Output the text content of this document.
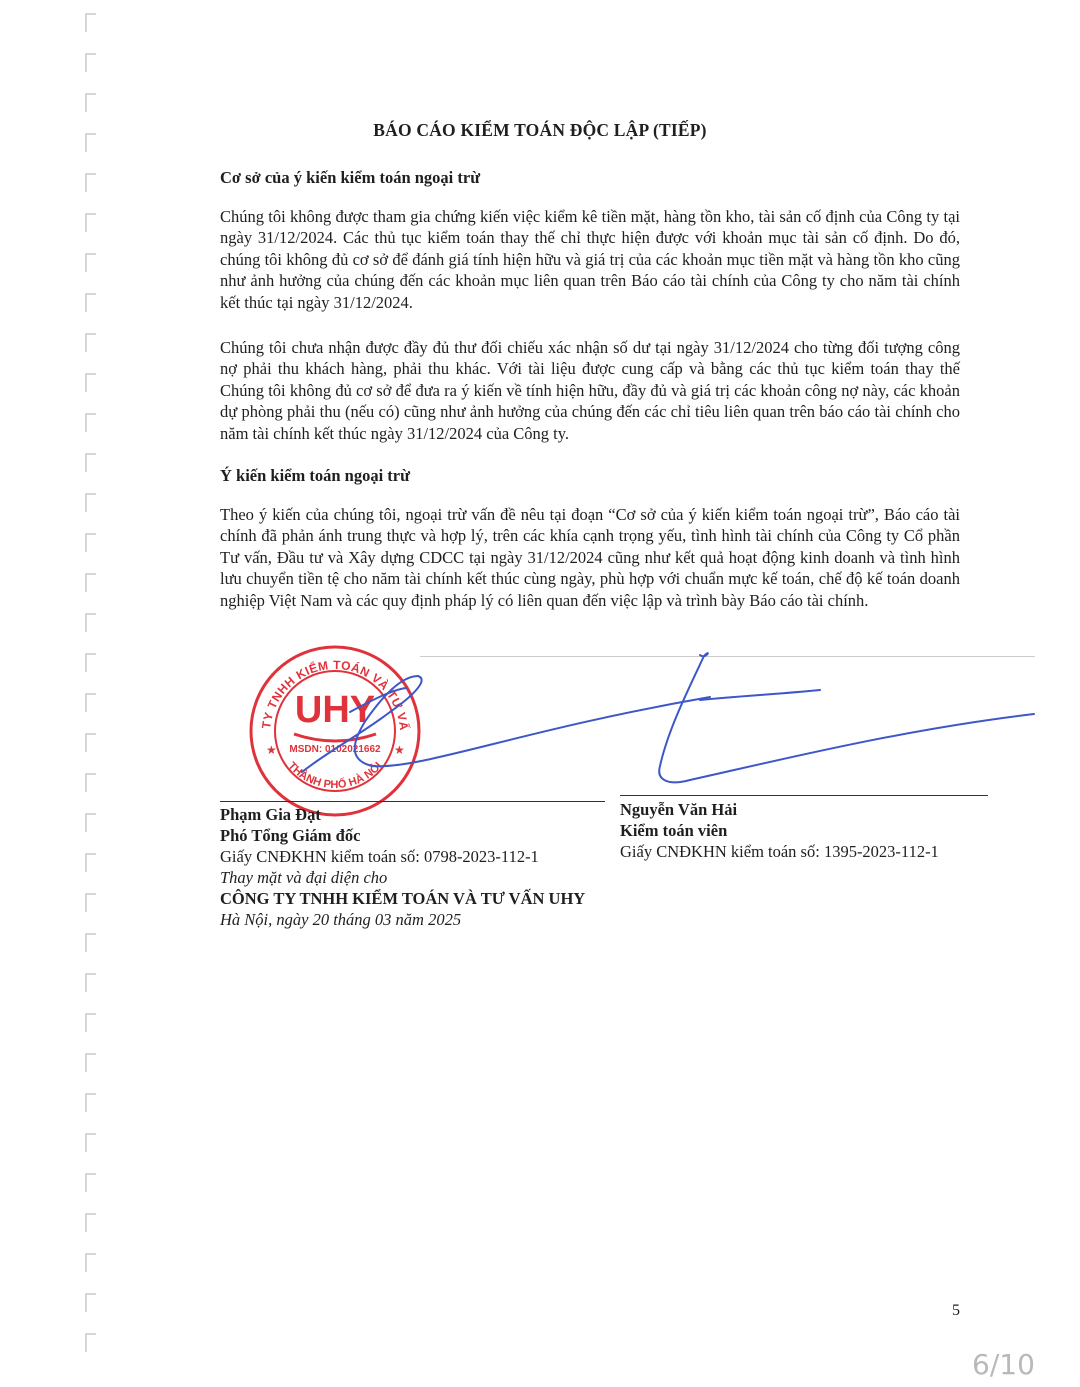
BÁO CÁO KIỂM TOÁN ĐỘC LẬP (TIẾP)
Cơ sở của ý kiến kiểm toán ngoại trừ
Chúng tôi không được tham gia chứng kiến việc kiểm kê tiền mặt, hàng tồn kho, tài sản cố định của Công ty tại ngày 31/12/2024. Các thủ tục kiểm toán thay thế chỉ thực hiện được với khoản mục tài sản cố định. Do đó, chúng tôi không đủ cơ sở để đánh giá tính hiện hữu và giá trị của các khoản mục tiền mặt và hàng tồn kho cũng như ảnh hưởng của chúng đến các khoản mục liên quan trên Báo cáo tài chính của Công ty cho năm tài chính kết thúc tại ngày 31/12/2024.
Chúng tôi chưa nhận được đầy đủ thư đối chiếu xác nhận số dư tại ngày 31/12/2024 cho từng đối tượng công nợ phải thu khách hàng, phải thu khác. Với tài liệu được cung cấp và bằng các thủ tục kiểm toán thay thế Chúng tôi không đủ cơ sở để đưa ra ý kiến về tính hiện hữu, đầy đủ và giá trị các khoản công nợ này, các khoản dự phòng phải thu (nếu có) cũng như ảnh hưởng của chúng đến các chỉ tiêu liên quan trên báo cáo tài chính cho năm tài chính kết thúc ngày 31/12/2024 của Công ty.
Ý kiến kiểm toán ngoại trừ
Theo ý kiến của chúng tôi, ngoại trừ vấn đề nêu tại đoạn “Cơ sở của ý kiến kiểm toán ngoại trừ”, Báo cáo tài chính đã phản ánh trung thực và hợp lý, trên các khía cạnh trọng yếu, tình hình tài chính của Công ty Cổ phần Tư vấn, Đầu tư và Xây dựng CDCC tại ngày 31/12/2024 cũng như kết quả hoạt động kinh doanh và tình hình lưu chuyển tiền tệ cho năm tài chính kết thúc cùng ngày, phù hợp với chuẩn mực kế toán, chế độ kế toán doanh nghiệp Việt Nam và các quy định pháp lý có liên quan đến việc lập và trình bày Báo cáo tài chính.
TY TNHH KIỂM TOÁN VÀ TƯ VẤ
THÀNH PHỐ HÀ NỘI
★	★
UHY
MSDN: 0102021662
Phạm Gia Đạt
Phó Tổng Giám đốc
Giấy CNĐKHN kiểm toán số: 0798-2023-112-1
Thay mặt và đại diện cho
CÔNG TY TNHH KIỂM TOÁN VÀ TƯ VẤN UHY
Hà Nội, ngày 20 tháng 03 năm 2025
Nguyễn Văn Hải
Kiểm toán viên
Giấy CNĐKHN kiểm toán số: 1395-2023-112-1
5
6/10
